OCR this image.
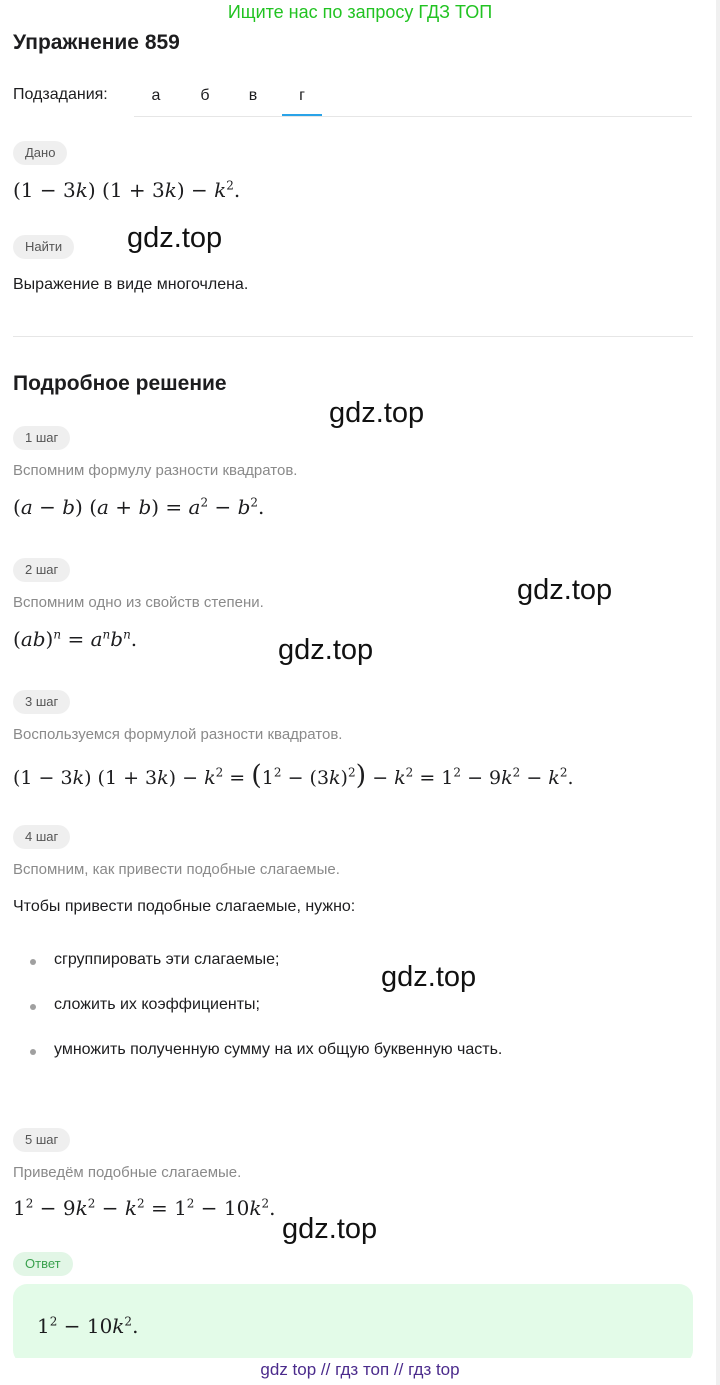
Ищите нас по запросу ГДЗ ТОП
Упражнение 859
Подзадания:	а	б	в	г
Дано
(1 − 3k) $(1 + 3k) - k^2$.
Найти
Выражение в виде многочлена.
Подробное решение
1 шаг
Вспомним формулу разности квадратов.
(a − b) $(a + b) = a^2 - b^2$.
2 шаг
Вспомним одно из свойств степени.
$(ab)^n = a^nb^n$.
3 шаг
Воспользуемся формулой разности квадратов.
(1 − 3k) $(1 + 3k) - k^2 = (1^2 - (3k)^2) - k^2 = 1^2 - 9k^2 - k^2$.
4 шаг
Вспомним, как привести подобные слагаемые.
Чтобы привести подобные слагаемые, нужно:
сгруппировать эти слагаемые;
сложить их коэффициенты;
умножить полученную сумму на их общую буквенную часть.
5 шаг
Приведём подобные слагаемые.
$1^2 - 9k^2 - k^2 = 1^2 - 10k^2$.
Ответ
$1^2 - 10k^2$.
gdz.top
gdz.top
gdz.top
gdz.top
gdz.top
gdz.top
gdz top // гдз топ // гдз top
